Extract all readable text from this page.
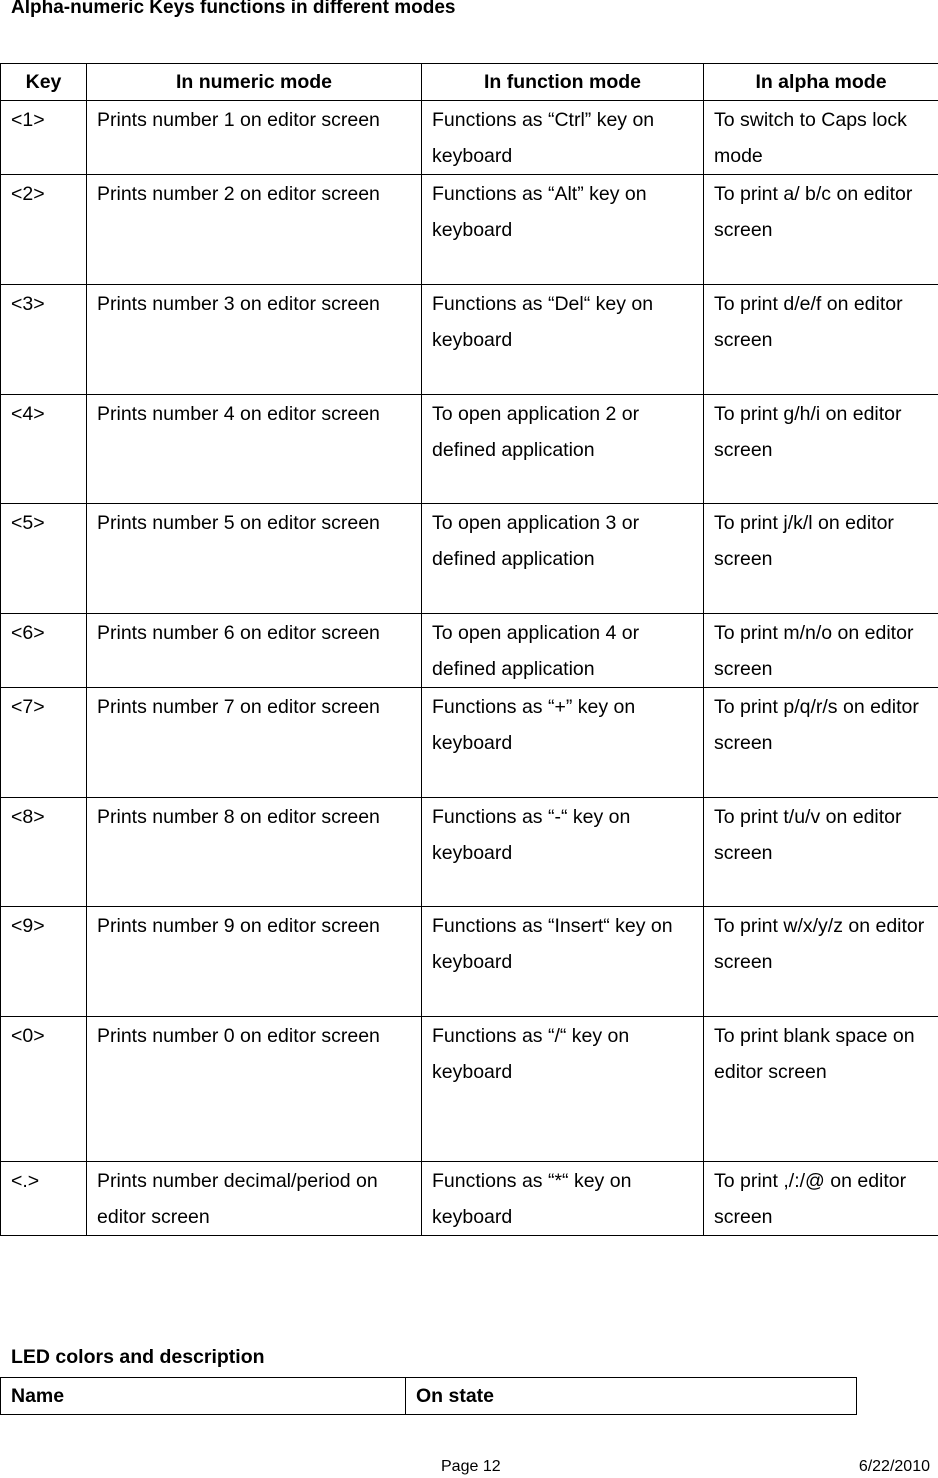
Alpha-numeric Keys functions in different modes
Key	In numeric mode	In function mode	In alpha mode
<1>	Prints number 1 on editor screen	Functions as “Ctrl” key on keyboard	To switch to Caps lock mode
<2>	Prints number 2 on editor screen	Functions as “Alt” key on keyboard	To print a/ b/c on editor screen
<3>	Prints number 3 on editor screen	Functions as “Del“ key on keyboard	To print d/e/f on editor screen
<4>	Prints number 4 on editor screen	To open application 2 or defined application	To print g/h/i on editor screen
<5>	Prints number 5 on editor screen	To open application 3 or defined application	To print j/k/l on editor screen
<6>	Prints number 6 on editor screen	To open application 4 or defined application	To print m/n/o on editor screen
<7>	Prints number 7 on editor screen	Functions as “+” key on keyboard	To print p/q/r/s on editor screen
<8>	Prints number 8 on editor screen	Functions as “-“ key on keyboard	To print t/u/v on editor screen
<9>	Prints number 9 on editor screen	Functions as “Insert“ key on keyboard	To print w/x/y/z on editor screen
<0>	Prints number 0 on editor screen	Functions as “/“ key on keyboard	To print blank space on editor screen
<.>	Prints number decimal/period on editor screen	Functions as “*“ key on keyboard	To print ,/:/@ on editor screen
LED colors and description
Name	On state
Page 12	6/22/2010
